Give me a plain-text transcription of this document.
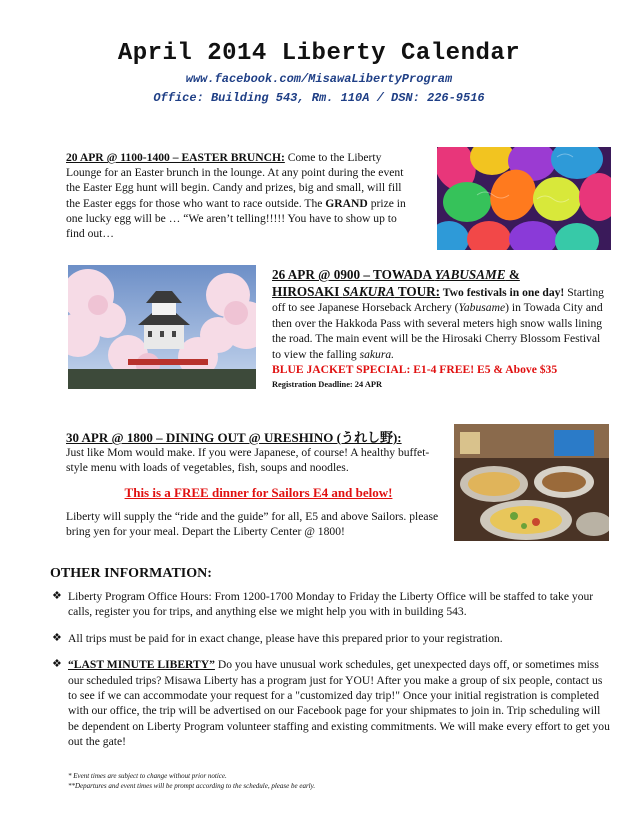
April 2014 Liberty Calendar
www.facebook.com/MisawaLibertyProgram
Office: Building 543, Rm. 110A / DSN: 226-9516
20 APR @ 1100-1400 – EASTER BRUNCH: Come to the Liberty Lounge for an Easter brunch in the lounge. At any point during the event the Easter Egg hunt will begin. Candy and prizes, big and small, will fill the Easter eggs for those who want to race outside. The GRAND prize in one lucky egg will be … “We aren’t telling!!!!! You have to show up to find out…
26 APR @ 0900 – TOWADA YABUSAME &
HIROSAKI SAKURA TOUR: Two festivals in one day! Starting off to see Japanese Horseback Archery (Yabusame) in Towada City and then over the Hakkoda Pass with several meters high snow walls lining the road. The main event will be the Hirosaki Cherry Blossom Festival to view the falling sakura.
BLUE JACKET SPECIAL: E1-4 FREE! E5 & Above $35
Registration Deadline: 24 APR
30 APR @ 1800 – DINING OUT @ URESHINO (うれし野):
Just like Mom would make. If you were Japanese, of course! A healthy buffet-style menu with loads of vegetables, fish, soups and noodles.
This is a FREE dinner for Sailors E4 and below!
Liberty will supply the “ride and the guide” for all, E5 and above Sailors. please bring yen for your meal. Depart the Liberty Center @ 1800!
OTHER INFORMATION:
❖ Liberty Program Office Hours: From 1200-1700 Monday to Friday the Liberty Office will be staffed to take your calls, register you for trips, and anything else we might help you with in building 543.
❖ All trips must be paid for in exact change, please have this prepared prior to your registration.
❖ “LAST MINUTE LIBERTY” Do you have unusual work schedules, get unexpected days off, or sometimes miss our scheduled trips? Misawa Liberty has a program just for YOU! After you make a group of six people, contact us to see if we can accommodate your request for a "customized day trip!" Once your initial registration is completed with our office, the trip will be advertised on our Facebook page for your shipmates to join in. Trip scheduling will be dependent on Liberty Program volunteer staffing and existing commitments. We will make every effort to get you out the gate!
* Event times are subject to change without prior notice.
**Departures and event times will be prompt according to the schedule, please be early.
